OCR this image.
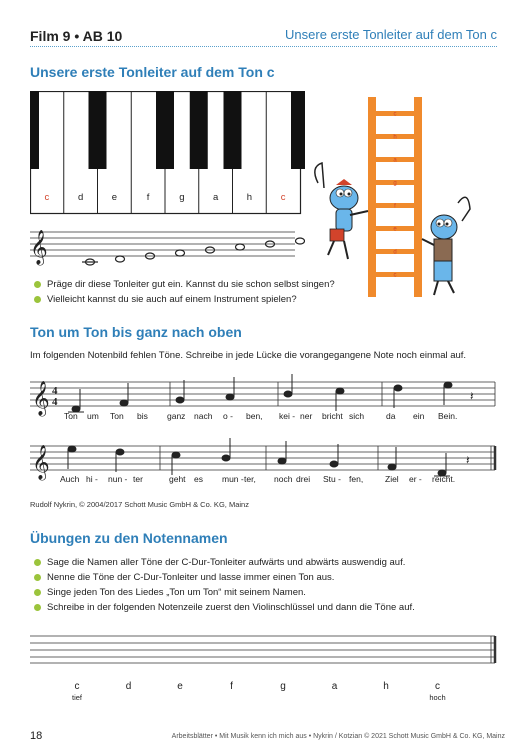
Film 9 • AB 10	Unsere erste Tonleiter auf dem Ton c
Unsere erste Tonleiter auf dem Ton c
c	d	e	f	g	a	h	c
𝄞
c
h
a
g
f
e
d
c
Präge dir diese Tonleiter gut ein. Kannst du sie schon selbst singen?
Vielleicht kannst du sie auch auf einem Instrument spielen?
Ton um Ton bis ganz nach oben
Im folgenden Notenbild fehlen Töne. Schreibe in jede Lücke die vorangegangene Note noch einmal auf.
𝄞 4
4	𝄽
Ton um Ton bis ganz nach o - ben, kei - ner bricht sich	da ein Bein.
𝄞	𝄽
Auch hi - nun - ter	geht es mun - ter, noch drei Stu - fen,	Ziel er - reicht.
Rudolf Nykrin, © 2004/2017 Schott Music GmbH & Co. KG, Mainz
Übungen zu den Notennamen
Sage die Namen aller Töne der C-Dur-Tonleiter aufwärts und abwärts auswendig auf.
Nenne die Töne der C-Dur-Tonleiter und lasse immer einen Ton aus.
Singe jeden Ton des Liedes „Ton um Ton“ mit seinem Namen.
Schreibe in der folgenden Notenzeile zuerst den Violinschlüssel und dann die Töne auf.
c
tief
d	e	f	g	a	h	c
hoch
18	Arbeitsblätter • Mit Musik kenn ich mich aus • Nykrin / Kotzian © 2021 Schott Music GmbH & Co. KG, Mainz
